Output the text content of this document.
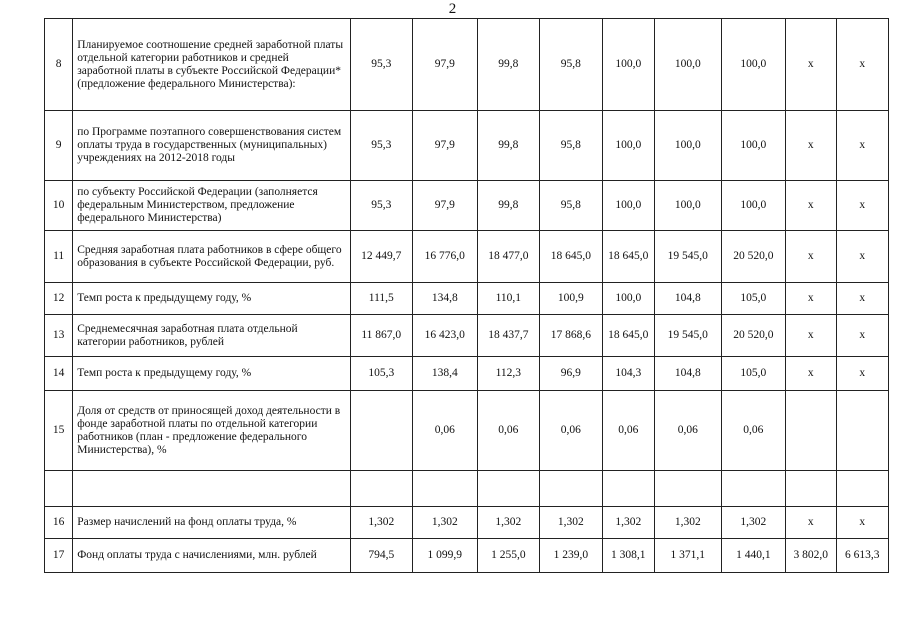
2
8	Планируемое соотношение средней заработной платы отдельной категории работников и средней заработной платы в субъекте Российской Федерации*(предложение федерального Министерства):	95,3	97,9	99,8	95,8	100,0	100,0	100,0	x	x
9	по Программе поэтапного совершенствования систем оплаты труда в государственных (муниципальных) учреждениях на 2012-2018 годы	95,3	97,9	99,8	95,8	100,0	100,0	100,0	x	x
10	по субъекту Российской Федерации (заполняется федеральным Министерством, предложение федерального Министерства)	95,3	97,9	99,8	95,8	100,0	100,0	100,0	x	x
11	Средняя заработная плата работников в сфере общего образования в субъекте Российской Федерации, руб.	12 449,7	16 776,0	18 477,0	18 645,0	18 645,0	19 545,0	20 520,0	x	x
12	Темп роста к предыдущему году, %	111,5	134,8	110,1	100,9	100,0	104,8	105,0	x	x
13	Среднемесячная заработная плата отдельной категории работников, рублей	11 867,0	16 423,0	18 437,7	17 868,6	18 645,0	19 545,0	20 520,0	x	x
14	Темп роста к предыдущему году, %	105,3	138,4	112,3	96,9	104,3	104,8	105,0	x	x
15	Доля от средств от приносящей доход деятельности в фонде заработной платы по отдельной категории работников (план - предложение федерального Министерства), %		0,06	0,06	0,06	0,06	0,06	0,06		

16	Размер начислений на фонд оплаты труда, %	1,302	1,302	1,302	1,302	1,302	1,302	1,302	x	x
17	Фонд оплаты труда с начислениями, млн. рублей	794,5	1 099,9	1 255,0	1 239,0	1 308,1	1 371,1	1 440,1	3 802,0	6 613,3
